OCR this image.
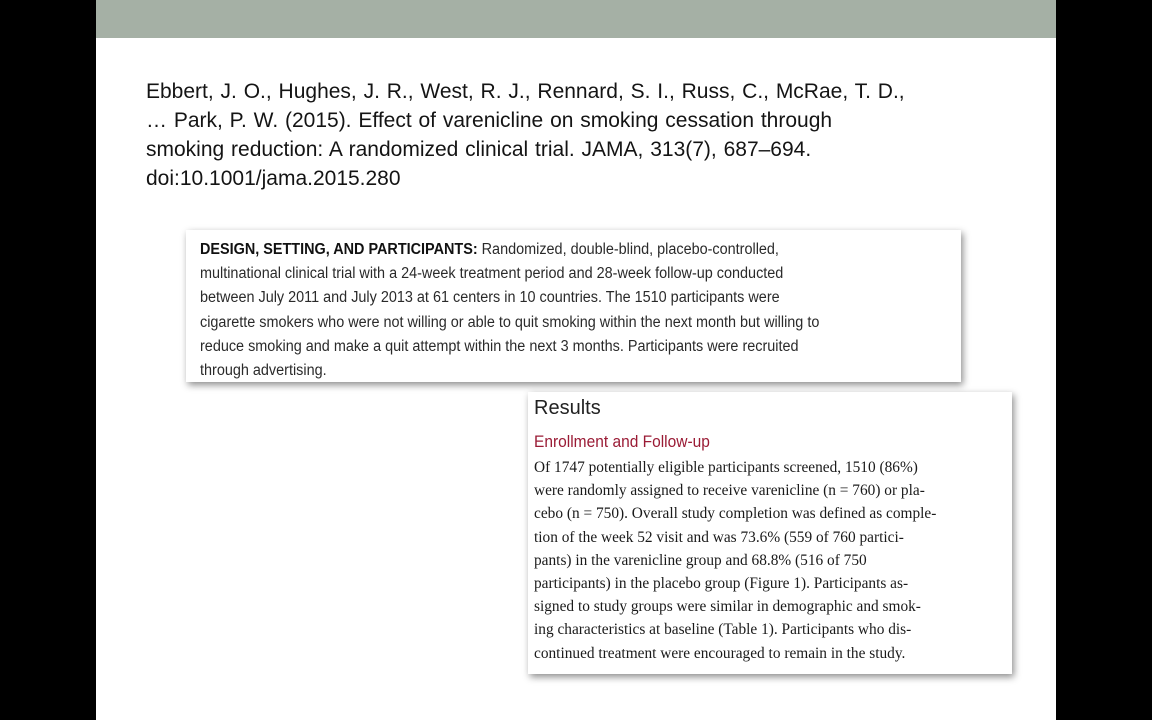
Ebbert, J. O., Hughes, J. R., West, R. J., Rennard, S. I., Russ, C., McRae, T. D.,
… Park, P. W. (2015). Effect of varenicline on smoking cessation through
smoking reduction: A randomized clinical trial. JAMA, 313(7), 687–694.
doi:10.1001/jama.2015.280
DESIGN, SETTING, AND PARTICIPANTS: Randomized, double-blind, placebo-controlled,
multinational clinical trial with a 24-week treatment period and 28-week follow-up conducted
between July 2011 and July 2013 at 61 centers in 10 countries. The 1510 participants were
cigarette smokers who were not willing or able to quit smoking within the next month but willing to
reduce smoking and make a quit attempt within the next 3 months. Participants were recruited
through advertising.
Results
Enrollment and Follow-up
Of 1747 potentially eligible participants screened, 1510 (86%)
were randomly assigned to receive varenicline (n = 760) or pla-
cebo (n = 750). Overall study completion was defined as comple-
tion of the week 52 visit and was 73.6% (559 of 760 partici-
pants) in the varenicline group and 68.8% (516 of 750
participants) in the placebo group (Figure 1). Participants as-
signed to study groups were similar in demographic and smok-
ing characteristics at baseline (Table 1). Participants who dis-
continued treatment were encouraged to remain in the study.
